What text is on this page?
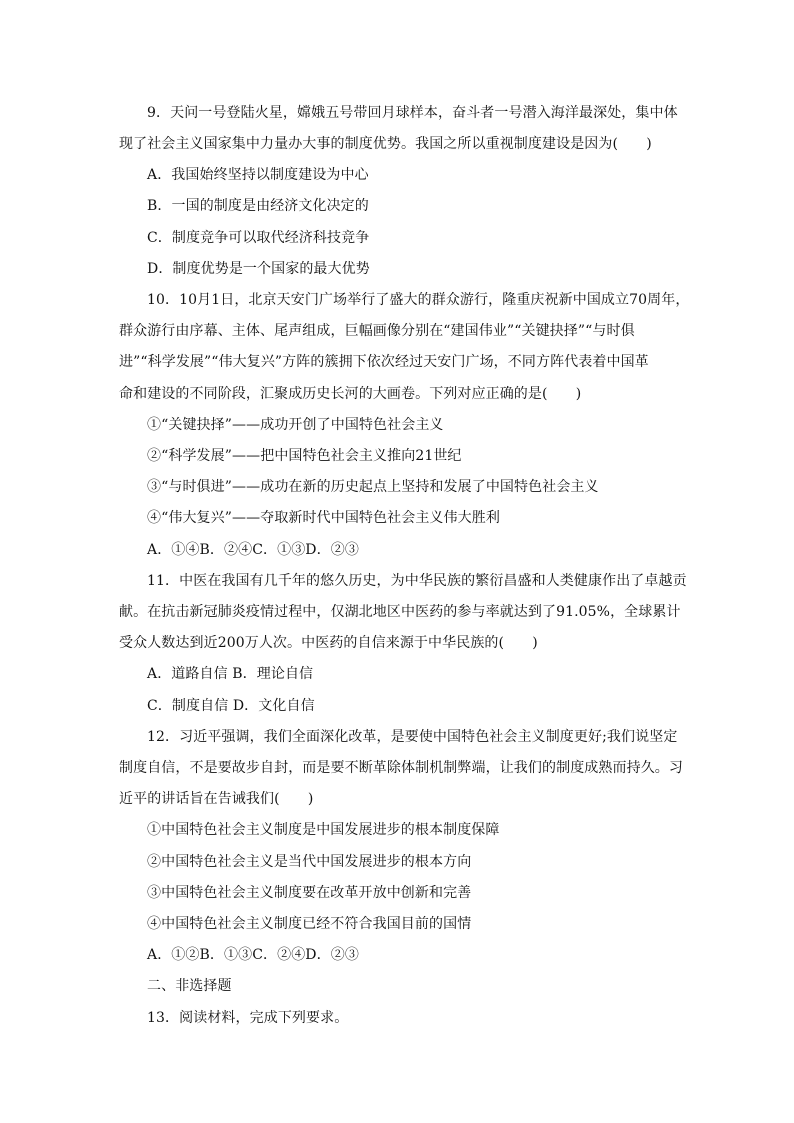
9．天问一号登陆火星，嫦娥五号带回月球样本，奋斗者一号潜入海洋最深处，集中体
现了社会主义国家集中力量办大事的制度优势。我国之所以重视制度建设是因为(　　)
A．我国始终坚持以制度建设为中心
B．一国的制度是由经济文化决定的
C．制度竞争可以取代经济科技竞争
D．制度优势是一个国家的最大优势
10．10月1日，北京天安门广场举行了盛大的群众游行，隆重庆祝新中国成立70周年，
群众游行由序幕、主体、尾声组成，巨幅画像分别在“建国伟业”“关键抉择”“与时俱
进”“科学发展”“伟大复兴”方阵的簇拥下依次经过天安门广场，不同方阵代表着中国革
命和建设的不同阶段，汇聚成历史长河的大画卷。下列对应正确的是(　　)
①“关键抉择”——成功开创了中国特色社会主义
②“科学发展”——把中国特色社会主义推向21世纪
③“与时俱进”——成功在新的历史起点上坚持和发展了中国特色社会主义
④“伟大复兴”——夺取新时代中国特色社会主义伟大胜利
A．①④B．②④C．①③D．②③
11．中医在我国有几千年的悠久历史，为中华民族的繁衍昌盛和人类健康作出了卓越贡
献。在抗击新冠肺炎疫情过程中，仅湖北地区中医药的参与率就达到了91.05%，全球累计
受众人数达到近200万人次。中医药的自信来源于中华民族的(　　)
A．道路自信 B．理论自信
C．制度自信 D．文化自信
12．习近平强调，我们全面深化改革，是要使中国特色社会主义制度更好;我们说坚定
制度自信，不是要故步自封，而是要不断革除体制机制弊端，让我们的制度成熟而持久。习
近平的讲话旨在告诫我们(　　)
①中国特色社会主义制度是中国发展进步的根本制度保障
②中国特色社会主义是当代中国发展进步的根本方向
③中国特色社会主义制度要在改革开放中创新和完善
④中国特色社会主义制度已经不符合我国目前的国情
A．①②B．①③C．②④D．②③
二、非选择题
13．阅读材料，完成下列要求。
